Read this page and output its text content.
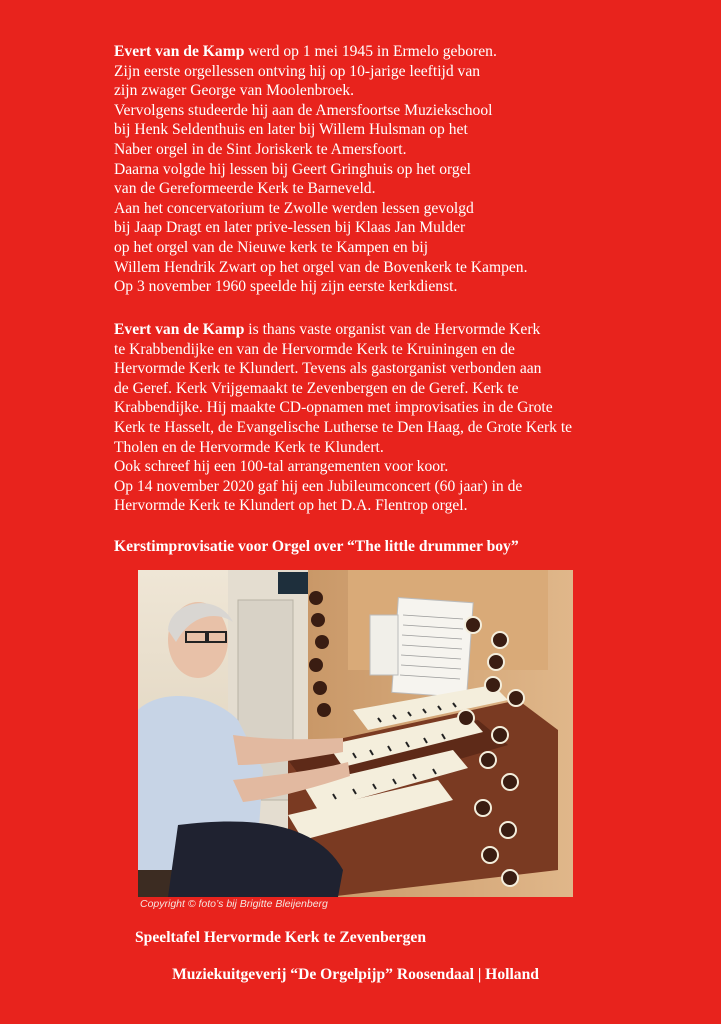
Evert van de Kamp werd op 1 mei 1945 in Ermelo geboren.
Zijn eerste orgellessen ontving hij op 10-jarige leeftijd van
zijn zwager George van Moolenbroek.
Vervolgens studeerde hij aan de Amersfoortse Muziekschool
bij Henk Seldenthuis en later bij Willem Hulsman op het
Naber orgel in de Sint Joriskerk te Amersfoort.
Daarna volgde hij lessen bij Geert Gringhuis op het orgel
van de Gereformeerde Kerk te Barneveld.
Aan het concervatorium te Zwolle werden lessen gevolgd
bij Jaap Dragt en later prive-lessen bij Klaas Jan Mulder
op het orgel van de Nieuwe kerk te Kampen en bij
Willem Hendrik Zwart op het orgel van de Bovenkerk te Kampen.
Op 3 november 1960 speelde hij zijn eerste kerkdienst.
Evert van de Kamp is thans vaste organist van de Hervormde Kerk
te Krabbendijke en van de Hervormde Kerk te Kruiningen en de
Hervormde Kerk te Klundert. Tevens als gastorganist verbonden aan
de Geref. Kerk Vrijgemaakt te Zevenbergen en de Geref. Kerk te
Krabbendijke. Hij maakte CD-opnamen met improvisaties in de Grote
Kerk te Hasselt, de Evangelische Lutherse te Den Haag, de Grote Kerk te
Tholen en de Hervormde Kerk te Klundert.
Ook schreef hij een 100-tal arrangementen voor koor.
Op 14 november 2020 gaf hij een Jubileumconcert (60 jaar) in de
Hervormde Kerk te Klundert op het D.A. Flentrop orgel.
Kerstimprovisatie voor Orgel over “The little drummer boy”
Copyright © foto’s bij Brigitte Bleijenberg
Speeltafel Hervormde Kerk te Zevenbergen
Muziekuitgeverij “De Orgelpijp” Roosendaal | Holland
